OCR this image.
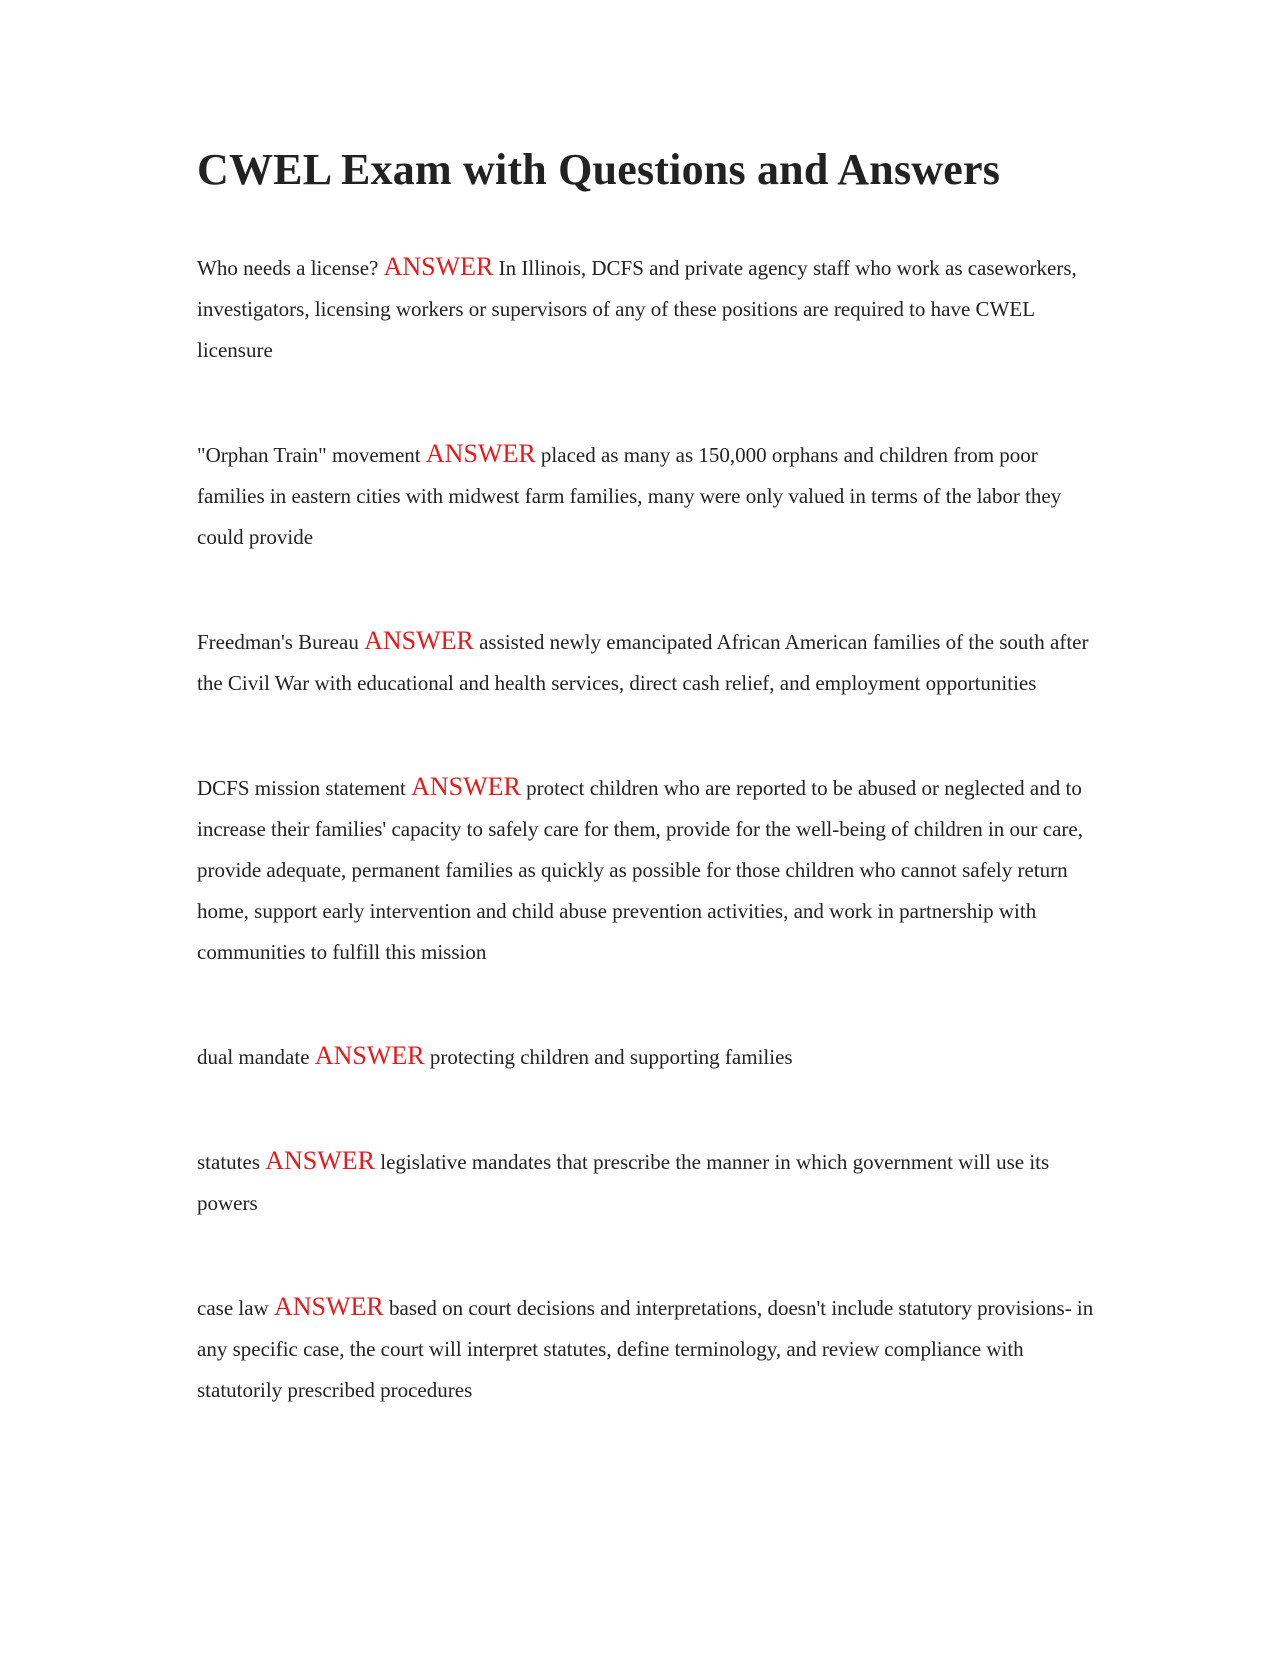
CWEL Exam with Questions and Answers

Who needs a license? ANSWER In Illinois, DCFS and private agency staff who work as caseworkers, investigators, licensing workers or supervisors of any of these positions are required to have CWEL licensure

"Orphan Train" movement ANSWER placed as many as 150,000 orphans and children from poor families in eastern cities with midwest farm families, many were only valued in terms of the labor they could provide

Freedman's Bureau ANSWER assisted newly emancipated African American families of the south after the Civil War with educational and health services, direct cash relief, and employment opportunities

DCFS mission statement ANSWER protect children who are reported to be abused or neglected and to increase their families' capacity to safely care for them, provide for the well-being of children in our care, provide adequate, permanent families as quickly as possible for those children who cannot safely return home, support early intervention and child abuse prevention activities, and work in partnership with communities to fulfill this mission

dual mandate ANSWER protecting children and supporting families

statutes ANSWER legislative mandates that prescribe the manner in which government will use its powers

case law ANSWER based on court decisions and interpretations, doesn't include statutory provisions- in any specific case, the court will interpret statutes, define terminology, and review compliance with statutorily prescribed procedures
